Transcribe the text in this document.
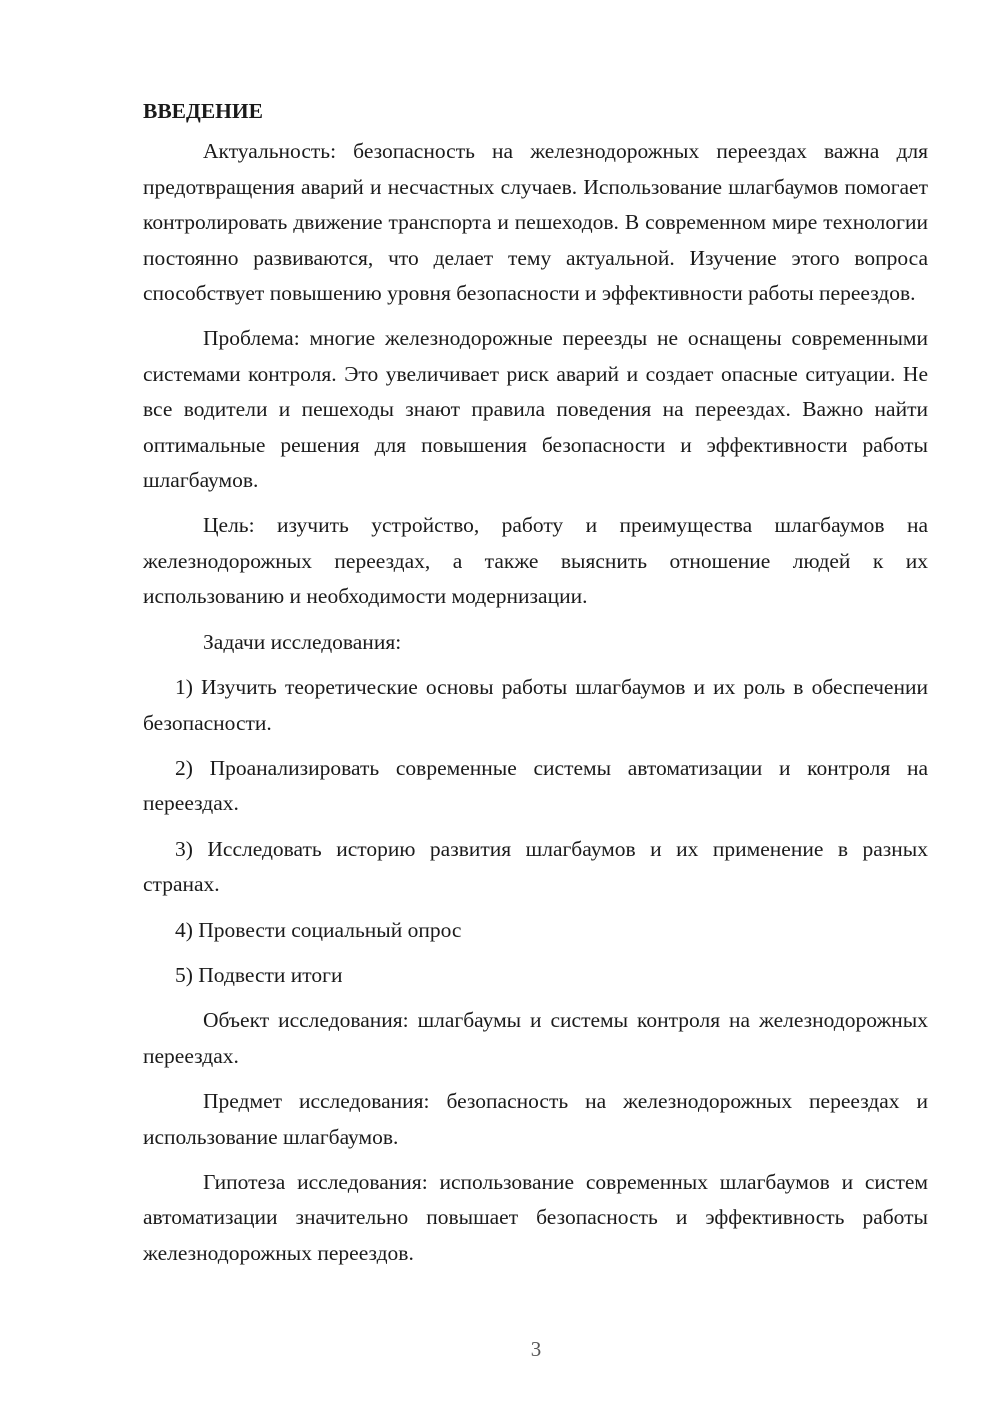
ВВЕДЕНИЕ

Актуальность: безопасность на железнодорожных переездах важна для предотвращения аварий и несчастных случаев. Использование шлагбаумов помогает контролировать движение транспорта и пешеходов. В современном мире технологии постоянно развиваются, что делает тему актуальной. Изучение этого вопроса способствует повышению уровня безопасности и эффективности работы переездов.

Проблема: многие железнодорожные переезды не оснащены современными системами контроля. Это увеличивает риск аварий и создает опасные ситуации. Не все водители и пешеходы знают правила поведения на переездах. Важно найти оптимальные решения для повышения безопасности и эффективности работы шлагбаумов.

Цель: изучить устройство, работу и преимущества шлагбаумов на железнодорожных переездах, а также выяснить отношение людей к их использованию и необходимости модернизации.

Задачи исследования:

1) Изучить теоретические основы работы шлагбаумов и их роль в обеспечении безопасности.

2) Проанализировать современные системы автоматизации и контроля на переездах.

3) Исследовать историю развития шлагбаумов и их применение в разных странах.

4) Провести социальный опрос

5) Подвести итоги

Объект исследования: шлагбаумы и системы контроля на железнодорожных переездах.

Предмет исследования: безопасность на железнодорожных переездах и использование шлагбаумов.

Гипотеза исследования: использование современных шлагбаумов и систем автоматизации значительно повышает безопасность и эффективность работы железнодорожных переездов.

3
